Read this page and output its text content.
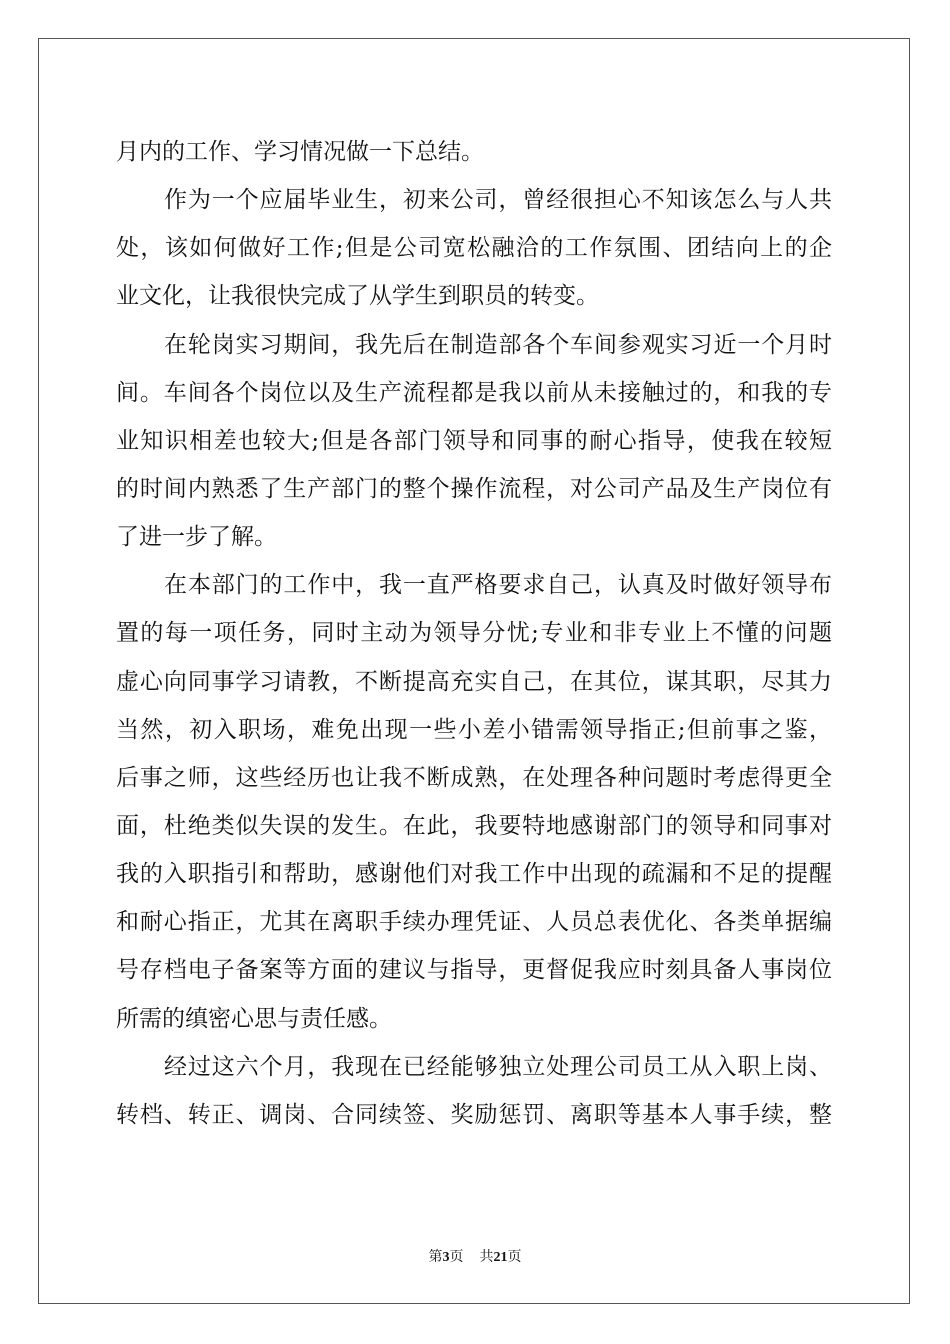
月内的工作、学习情况做一下总结。
作为一个应届毕业生，初来公司，曾经很担心不知该怎么与人共
处，该如何做好工作;但是公司宽松融洽的工作氛围、团结向上的企
业文化，让我很快完成了从学生到职员的转变。
在轮岗实习期间，我先后在制造部各个车间参观实习近一个月时
间。车间各个岗位以及生产流程都是我以前从未接触过的，和我的专
业知识相差也较大;但是各部门领导和同事的耐心指导，使我在较短
的时间内熟悉了生产部门的整个操作流程，对公司产品及生产岗位有
了进一步了解。
在本部门的工作中，我一直严格要求自己，认真及时做好领导布
置的每一项任务，同时主动为领导分忧;专业和非专业上不懂的问题
虚心向同事学习请教，不断提高充实自己，在其位，谋其职，尽其力
当然，初入职场，难免出现一些小差小错需领导指正;但前事之鉴，
后事之师，这些经历也让我不断成熟，在处理各种问题时考虑得更全
面，杜绝类似失误的发生。在此，我要特地感谢部门的领导和同事对
我的入职指引和帮助，感谢他们对我工作中出现的疏漏和不足的提醒
和耐心指正，尤其在离职手续办理凭证、人员总表优化、各类单据编
号存档电子备案等方面的建议与指导，更督促我应时刻具备人事岗位
所需的缜密心思与责任感。
经过这六个月，我现在已经能够独立处理公司员工从入职上岗、
转档、转正、调岗、合同续签、奖励惩罚、离职等基本人事手续，整
第3页 共21页
